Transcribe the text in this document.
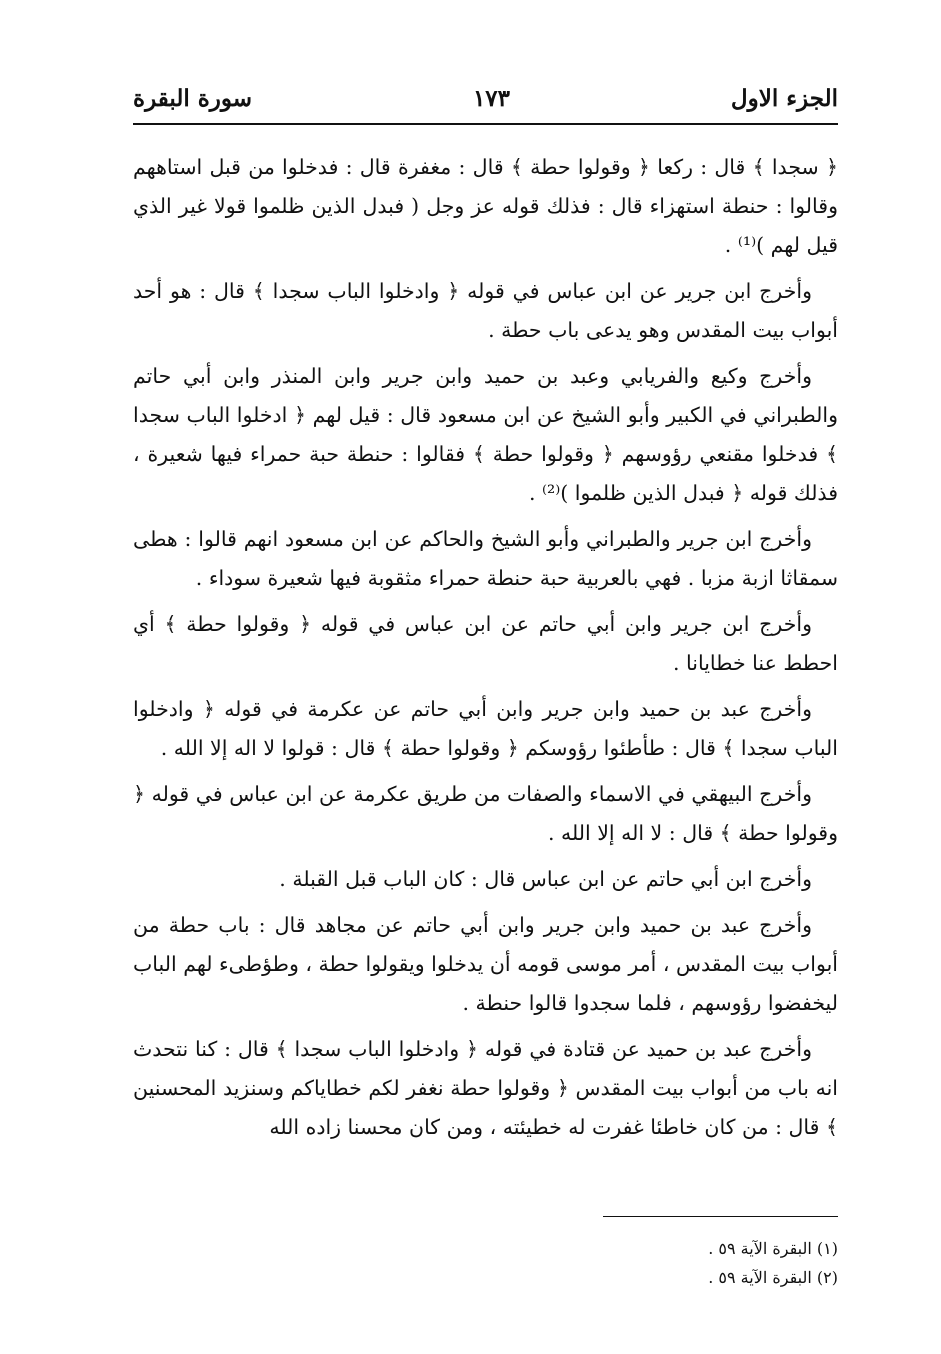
الجزء الاول
١٧٣
سورة البقرة

﴿ سجدا ﴾ قال : ركعا ﴿ وقولوا حطة ﴾ قال : مغفرة قال : فدخلوا من قبل استاههم وقالوا : حنطة استهزاء قال : فذلك قوله عز وجل ( فبدل الذين ظلموا قولا غير الذي قيل لهم )⁽¹⁾ .

وأخرج ابن جرير عن ابن عباس في قوله ﴿ وادخلوا الباب سجدا ﴾ قال : هو أحد أبواب بيت المقدس وهو يدعى باب حطة .

وأخرج وكيع والفريابي وعبد بن حميد وابن جرير وابن المنذر وابن أبي حاتم والطبراني في الكبير وأبو الشيخ عن ابن مسعود قال : قيل لهم ﴿ ادخلوا الباب سجدا ﴾ فدخلوا مقنعي رؤوسهم ﴿ وقولوا حطة ﴾ فقالوا : حنطة حبة حمراء فيها شعيرة ، فذلك قوله ﴿ فبدل الذين ظلموا )⁽²⁾ .

وأخرج ابن جرير والطبراني وأبو الشيخ والحاكم عن ابن مسعود انهم قالوا : هطى سمقاثا ازبة مزبا . فهي بالعربية حبة حنطة حمراء مثقوبة فيها شعيرة سوداء .

وأخرج ابن جرير وابن أبي حاتم عن ابن عباس في قوله ﴿ وقولوا حطة ﴾ أي احطط عنا خطايانا .

وأخرج عبد بن حميد وابن جرير وابن أبي حاتم عن عكرمة في قوله ﴿ وادخلوا الباب سجدا ﴾ قال : طأطئوا رؤوسكم ﴿ وقولوا حطة ﴾ قال : قولوا لا اله إلا الله .

وأخرج البيهقي في الاسماء والصفات من طريق عكرمة عن ابن عباس في قوله ﴿ وقولوا حطة ﴾ قال : لا اله إلا الله .

وأخرج ابن أبي حاتم عن ابن عباس قال : كان الباب قبل القبلة .

وأخرج عبد بن حميد وابن جرير وابن أبي حاتم عن مجاهد قال : باب حطة من أبواب بيت المقدس ، أمر موسى قومه أن يدخلوا ويقولوا حطة ، وطؤطىء لهم الباب ليخفضوا رؤوسهم ، فلما سجدوا قالوا حنطة .

وأخرج عبد بن حميد عن قتادة في قوله ﴿ وادخلوا الباب سجدا ﴾ قال : كنا نتحدث انه باب من أبواب بيت المقدس ﴿ وقولوا حطة نغفر لكم خطاياكم وسنزيد المحسنين ﴾ قال : من كان خاطئا غفرت له خطيئته ، ومن كان محسنا زاده الله

(١) البقرة الآية ٥٩ .
(٢) البقرة الآية ٥٩ .
